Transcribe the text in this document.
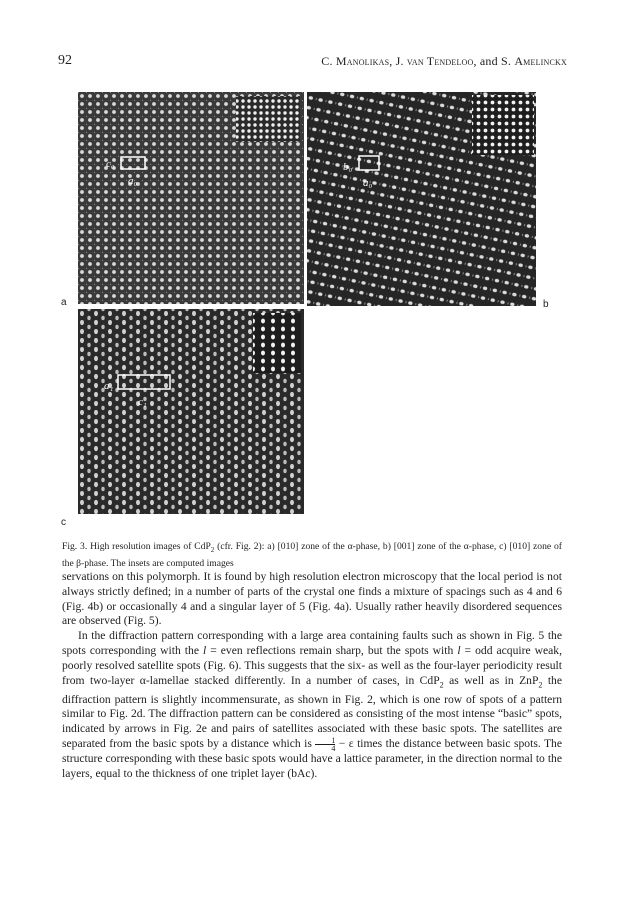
92	C. Manolikas, J. van Tendeloo, and S. Amelinckx
c₀
a₀
b₀
a₀
a₁
c₁
a	b
c
Fig. 3. High resolution images of CdP$_2$ (cfr. Fig. 2): a) [010] zone of the α-phase, b) [001] zone of the α-phase, c) [010] zone of the β-phase. The insets are computed images

servations on this polymorph. It is found by high resolution electron microscopy that the local period is not always strictly defined; in a number of parts of the crystal one finds a mixture of spacings such as 4 and 6 (Fig. 4b) or occasionally 4 and a singular layer of 5 (Fig. 4a). Usually rather heavily disordered sequences are observed (Fig. 5).

In the diffraction pattern corresponding with a large area containing faults such as shown in Fig. 5 the spots corresponding with the l = even reflections remain sharp, but the spots with l = odd acquire weak, poorly resolved satellite spots (Fig. 6). This suggests that the six- as well as the four-layer periodicity result from two-layer α-lamellae stacked differently. In a number of cases, in CdP$_2$ as well as in ZnP$_2$ the diffraction pattern is slightly incommensurate, as shown in Fig. 2, which is one row of spots of a pattern similar to Fig. 2d. The diffraction pattern can be considered as consisting of the most intense “basic” spots, indicated by arrows in Fig. 2e and pairs of satellites associated with these basic spots. The satellites are separated from the basic spots by a distance which is $\frac{1}{4} - \varepsilon$ times the distance between basic spots. The structure corresponding with these basic spots would have a lattice parameter, in the direction normal to the layers, equal to the thickness of one triplet layer (bAc).
